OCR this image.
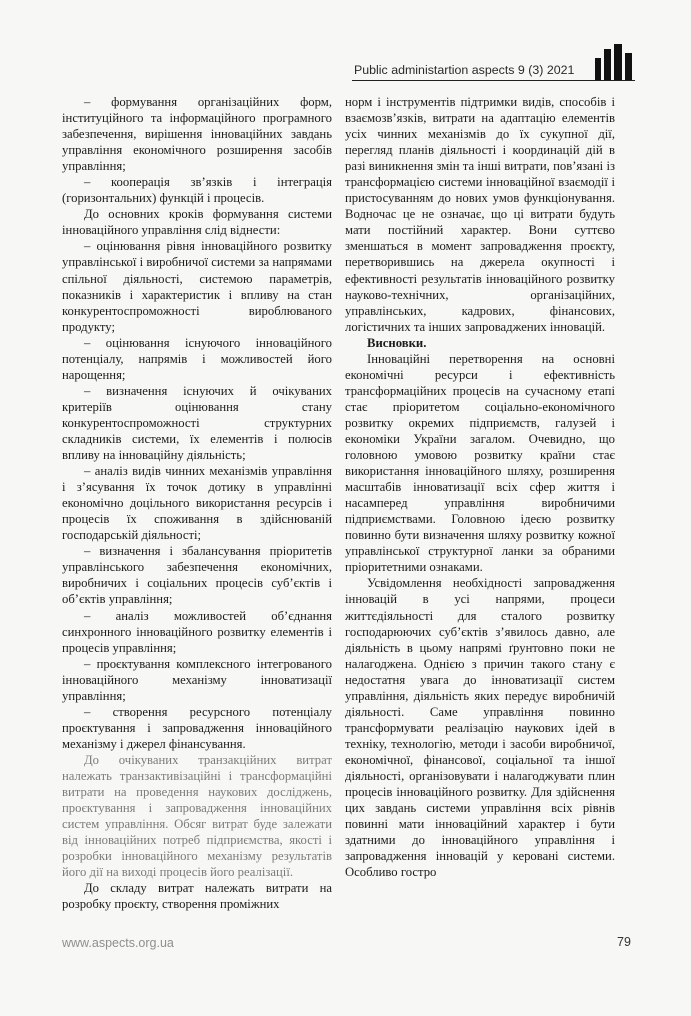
Public administartion aspects 9 (3) 2021

– формування організаційних форм, інституційного та інформаційного програмного забезпечення, вирішення інноваційних завдань управління економічного розширення засобів управління;

– кооперація зв’язків і інтеграція (горизонтальних) функцій і процесів.

До основних кроків формування системи інноваційного управління слід віднести:

– оцінювання рівня інноваційного розвитку управлінської і виробничої системи за напрямами спільної діяльності, системою параметрів, показників і характеристик і впливу на стан конкурентоспроможності вироблюваного продукту;

– оцінювання існуючого інноваційного потенціалу, напрямів і можливостей його нарощення;

– визначення існуючих й очікуваних критеріїв оцінювання стану конкурентоспроможності структурних складників системи, їх елементів і полюсів впливу на інноваційну діяльність;

– аналіз видів чинних механізмів управління і з’ясування їх точок дотику в управлінні економічно доцільного використання ресурсів і процесів їх споживання в здійснюваній господарській діяльності;

– визначення і збалансування пріоритетів управлінського забезпечення економічних, виробничих і соціальних процесів суб’єктів і об’єктів управління;

– аналіз можливостей об’єднання синхронного інноваційного розвитку елементів і процесів управління;

– проєктування комплексного інтегрованого інноваційного механізму інноватизації управління;

– створення ресурсного потенціалу проєктування і запровадження інноваційного механізму і джерел фінансування.

До очікуваних транзакційних витрат належать транзактивізаційні і трансформаційні витрати на проведення наукових досліджень, проєктування і запровадження інноваційних систем управління. Обсяг витрат буде залежати від інноваційних потреб підприємства, якості і розробки інноваційного механізму результатів його дії на виході процесів його реалізації.

До складу витрат належать витрати на розробку проєкту, створення проміжних

норм і інструментів підтримки видів, способів і взаємозв’язків, витрати на адаптацію елементів усіх чинних механізмів до їх сукупної дії, перегляд планів діяльності і координацій дій в разі виникнення змін та інші витрати, пов’язані із трансформацією системи інноваційної взаємодії і пристосуванням до нових умов функціонування. Водночас це не означає, що ці витрати будуть мати постійний характер. Вони суттєво зменшаться в момент запровадження проєкту, перетворившись на джерела окупності і ефективності результатів інноваційного розвитку науково-технічних, організаційних, управлінських, кадрових, фінансових, логістичних та інших запроваджених інновацій.

Висновки.

Інноваційні перетворення на основні економічні ресурси і ефективність трансформаційних процесів на сучасному етапі стає пріоритетом соціально-економічного розвитку окремих підприємств, галузей і економіки України загалом. Очевидно, що головною умовою розвитку країни стає використання інноваційного шляху, розширення масштабів інноватизації всіх сфер життя і насамперед управління виробничими підприємствами. Головною ідеєю розвитку повинно бути визначення шляху розвитку кожної управлінської структурної ланки за обраними пріоритетними ознаками.

Усвідомлення необхідності запровадження інновацій в усі напрями, процеси життєдіяльності для сталого розвитку господарюючих суб’єктів з’явилось давно, але діяльність в цьому напрямі ґрунтовно поки не налагоджена. Однією з причин такого стану є недостатня увага до інноватизації систем управління, діяльність яких передує виробничій діяльності. Саме управління повинно трансформувати реалізацію наукових ідей в техніку, технологію, методи і засоби виробничої, економічної, фінансової, соціальної та іншої діяльності, організовувати і налагоджувати плин процесів інноваційного розвитку. Для здійснення цих завдань системи управління всіх рівнів повинні мати інноваційний характер і бути здатними до інноваційного управління і запровадження інновацій у керовані системи. Особливо гостро

www.aspects.org.ua	79
